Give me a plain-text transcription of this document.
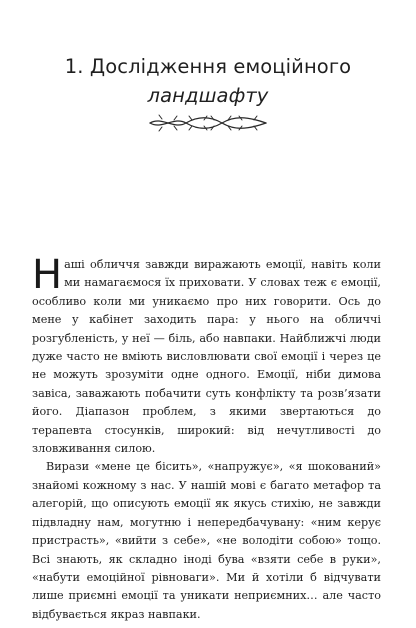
1. Дослідження емоційного
ландшафту

Наші обличчя завжди виражають емоції, навіть коли ми намагаємося їх приховати. У словах теж є емоції, особливо коли ми уникаємо про них говорити. Ось до мене у кабінет заходить пара: у нього на обличчі розгубленість, у неї — біль, або навпаки. Найближчі люди дуже часто не вміють висловлювати свої емоції і через це не можуть зрозуміти одне одного. Емоції, ніби димова завіса, заважають побачити суть конфлікту та розв’язати його. Діапазон проблем, з якими звертаються до терапевта стосунків, широкий: від нечутливості до зловживання силою.

Вирази «мене це бісить», «напружує», «я шокований» знайомі кожному з нас. У нашій мові є багато метафор та алегорій, що описують емоції як якусь стихію, не завжди підвладну нам, могутню і непередбачувану: «ним керує пристрасть», «вийти з себе», «не володіти собою» тощо. Всі знають, як складно іноді бува «взяти себе в руки», «набути емоційної рівноваги». Ми й хотіли б відчувати лише приємні емоції та уникати неприємних… але часто відбувається якраз навпаки.
